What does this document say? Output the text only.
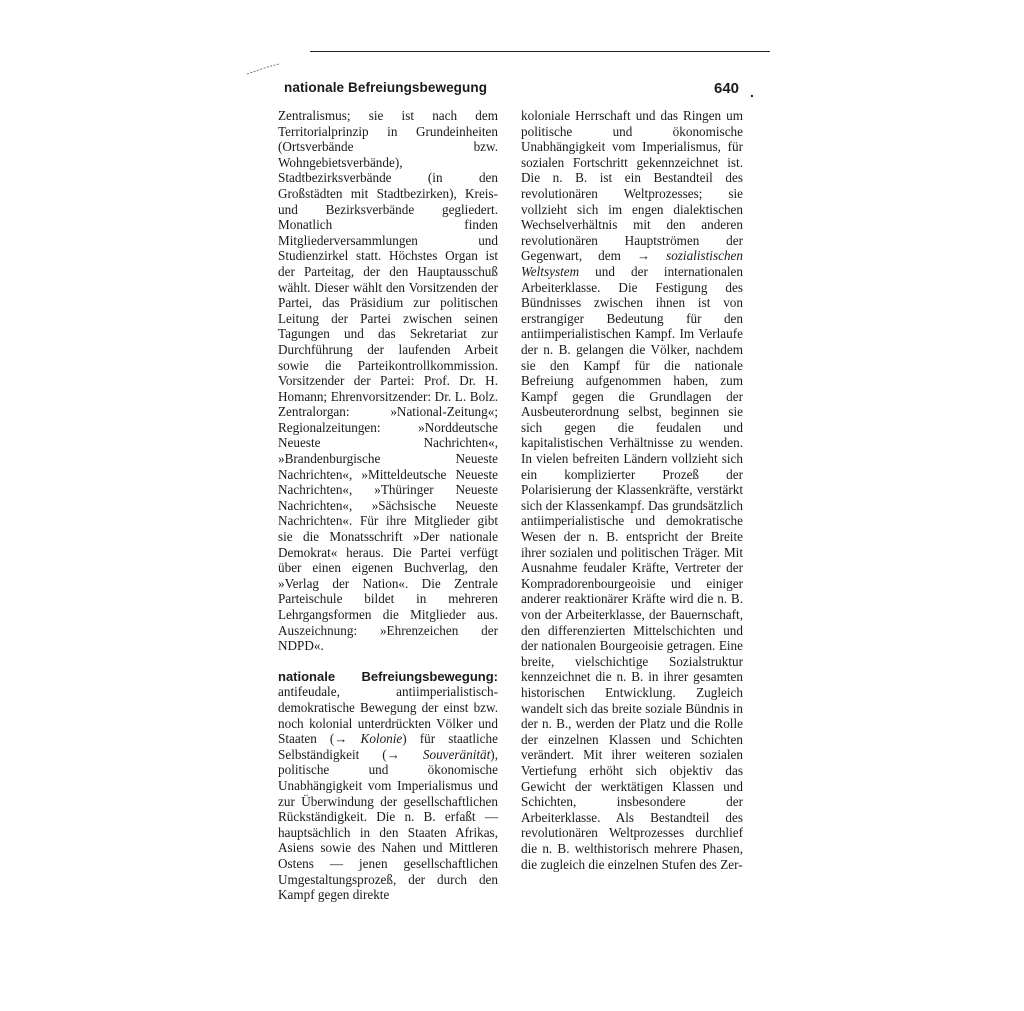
nationale Befreiungsbewegung	640 .

Zentralismus; sie ist nach dem Territorialprinzip in Grundeinheiten (Ortsverbände bzw. Wohngebietsverbände), Stadtbezirksverbände (in den Großstädten mit Stadtbezirken), Kreis- und Bezirksverbände gegliedert. Monatlich finden Mitgliederversammlungen und Studienzirkel statt. Höchstes Organ ist der Parteitag, der den Hauptausschuß wählt. Dieser wählt den Vorsitzenden der Partei, das Präsidium zur politischen Leitung der Partei zwischen seinen Tagungen und das Sekretariat zur Durchführung der laufenden Arbeit sowie die Parteikontrollkommission. Vorsitzender der Partei: Prof. Dr. H. Homann; Ehrenvorsitzender: Dr. L. Bolz. Zentralorgan: »National-Zeitung«; Regionalzeitungen: »Norddeutsche Neueste Nachrichten«, »Brandenburgische Neueste Nachrichten«, »Mitteldeutsche Neueste Nachrichten«, »Thüringer Neueste Nachrichten«, »Sächsische Neueste Nachrichten«. Für ihre Mitglieder gibt sie die Monatsschrift »Der nationale Demokrat« heraus. Die Partei verfügt über einen eigenen Buchverlag, den »Verlag der Nation«. Die Zentrale Parteischule bildet in mehreren Lehrgangsformen die Mitglieder aus. Auszeichnung: »Ehrenzeichen der NDPD«.

nationale Befreiungsbewegung: antifeudale, antiimperialistisch-demokratische Bewegung der einst bzw. noch kolonial unterdrückten Völker und Staaten (→ Kolonie) für staatliche Selbständigkeit (→ Souveränität), politische und ökonomische Unabhängigkeit vom Imperialismus und zur Überwindung der gesellschaftlichen Rückständigkeit. Die n. B. erfaßt — hauptsächlich in den Staaten Afrikas, Asiens sowie des Nahen und Mittleren Ostens — jenen gesellschaftlichen Umgestaltungsprozeß, der durch den Kampf gegen direkte

koloniale Herrschaft und das Ringen um politische und ökonomische Unabhängigkeit vom Imperialismus, für sozialen Fortschritt gekennzeichnet ist. Die n. B. ist ein Bestandteil des revolutionären Weltprozesses; sie vollzieht sich im engen dialektischen Wechselverhältnis mit den anderen revolutionären Hauptströmen der Gegenwart, dem → sozialistischen Weltsystem und der internationalen Arbeiterklasse. Die Festigung des Bündnisses zwischen ihnen ist von erstrangiger Bedeutung für den antiimperialistischen Kampf. Im Verlaufe der n. B. gelangen die Völker, nachdem sie den Kampf für die nationale Befreiung aufgenommen haben, zum Kampf gegen die Grundlagen der Ausbeuterordnung selbst, beginnen sie sich gegen die feudalen und kapitalistischen Verhältnisse zu wenden. In vielen befreiten Ländern vollzieht sich ein komplizierter Prozeß der Polarisierung der Klassenkräfte, verstärkt sich der Klassenkampf. Das grundsätzlich antiimperialistische und demokratische Wesen der n. B. entspricht der Breite ihrer sozialen und politischen Träger. Mit Ausnahme feudaler Kräfte, Vertreter der Kompradorenbourgeoisie und einiger anderer reaktionärer Kräfte wird die n. B. von der Arbeiterklasse, der Bauernschaft, den differenzierten Mittelschichten und der nationalen Bourgeoisie getragen. Eine breite, vielschichtige Sozialstruktur kennzeichnet die n. B. in ihrer gesamten historischen Entwicklung. Zugleich wandelt sich das breite soziale Bündnis in der n. B., werden der Platz und die Rolle der einzelnen Klassen und Schichten verändert. Mit ihrer weiteren sozialen Vertiefung erhöht sich objektiv das Gewicht der werktätigen Klassen und Schichten, insbesondere der Arbeiterklasse. Als Bestandteil des revolutionären Weltprozesses durchlief die n. B. welthistorisch mehrere Phasen, die zugleich die einzelnen Stufen des Zer-
